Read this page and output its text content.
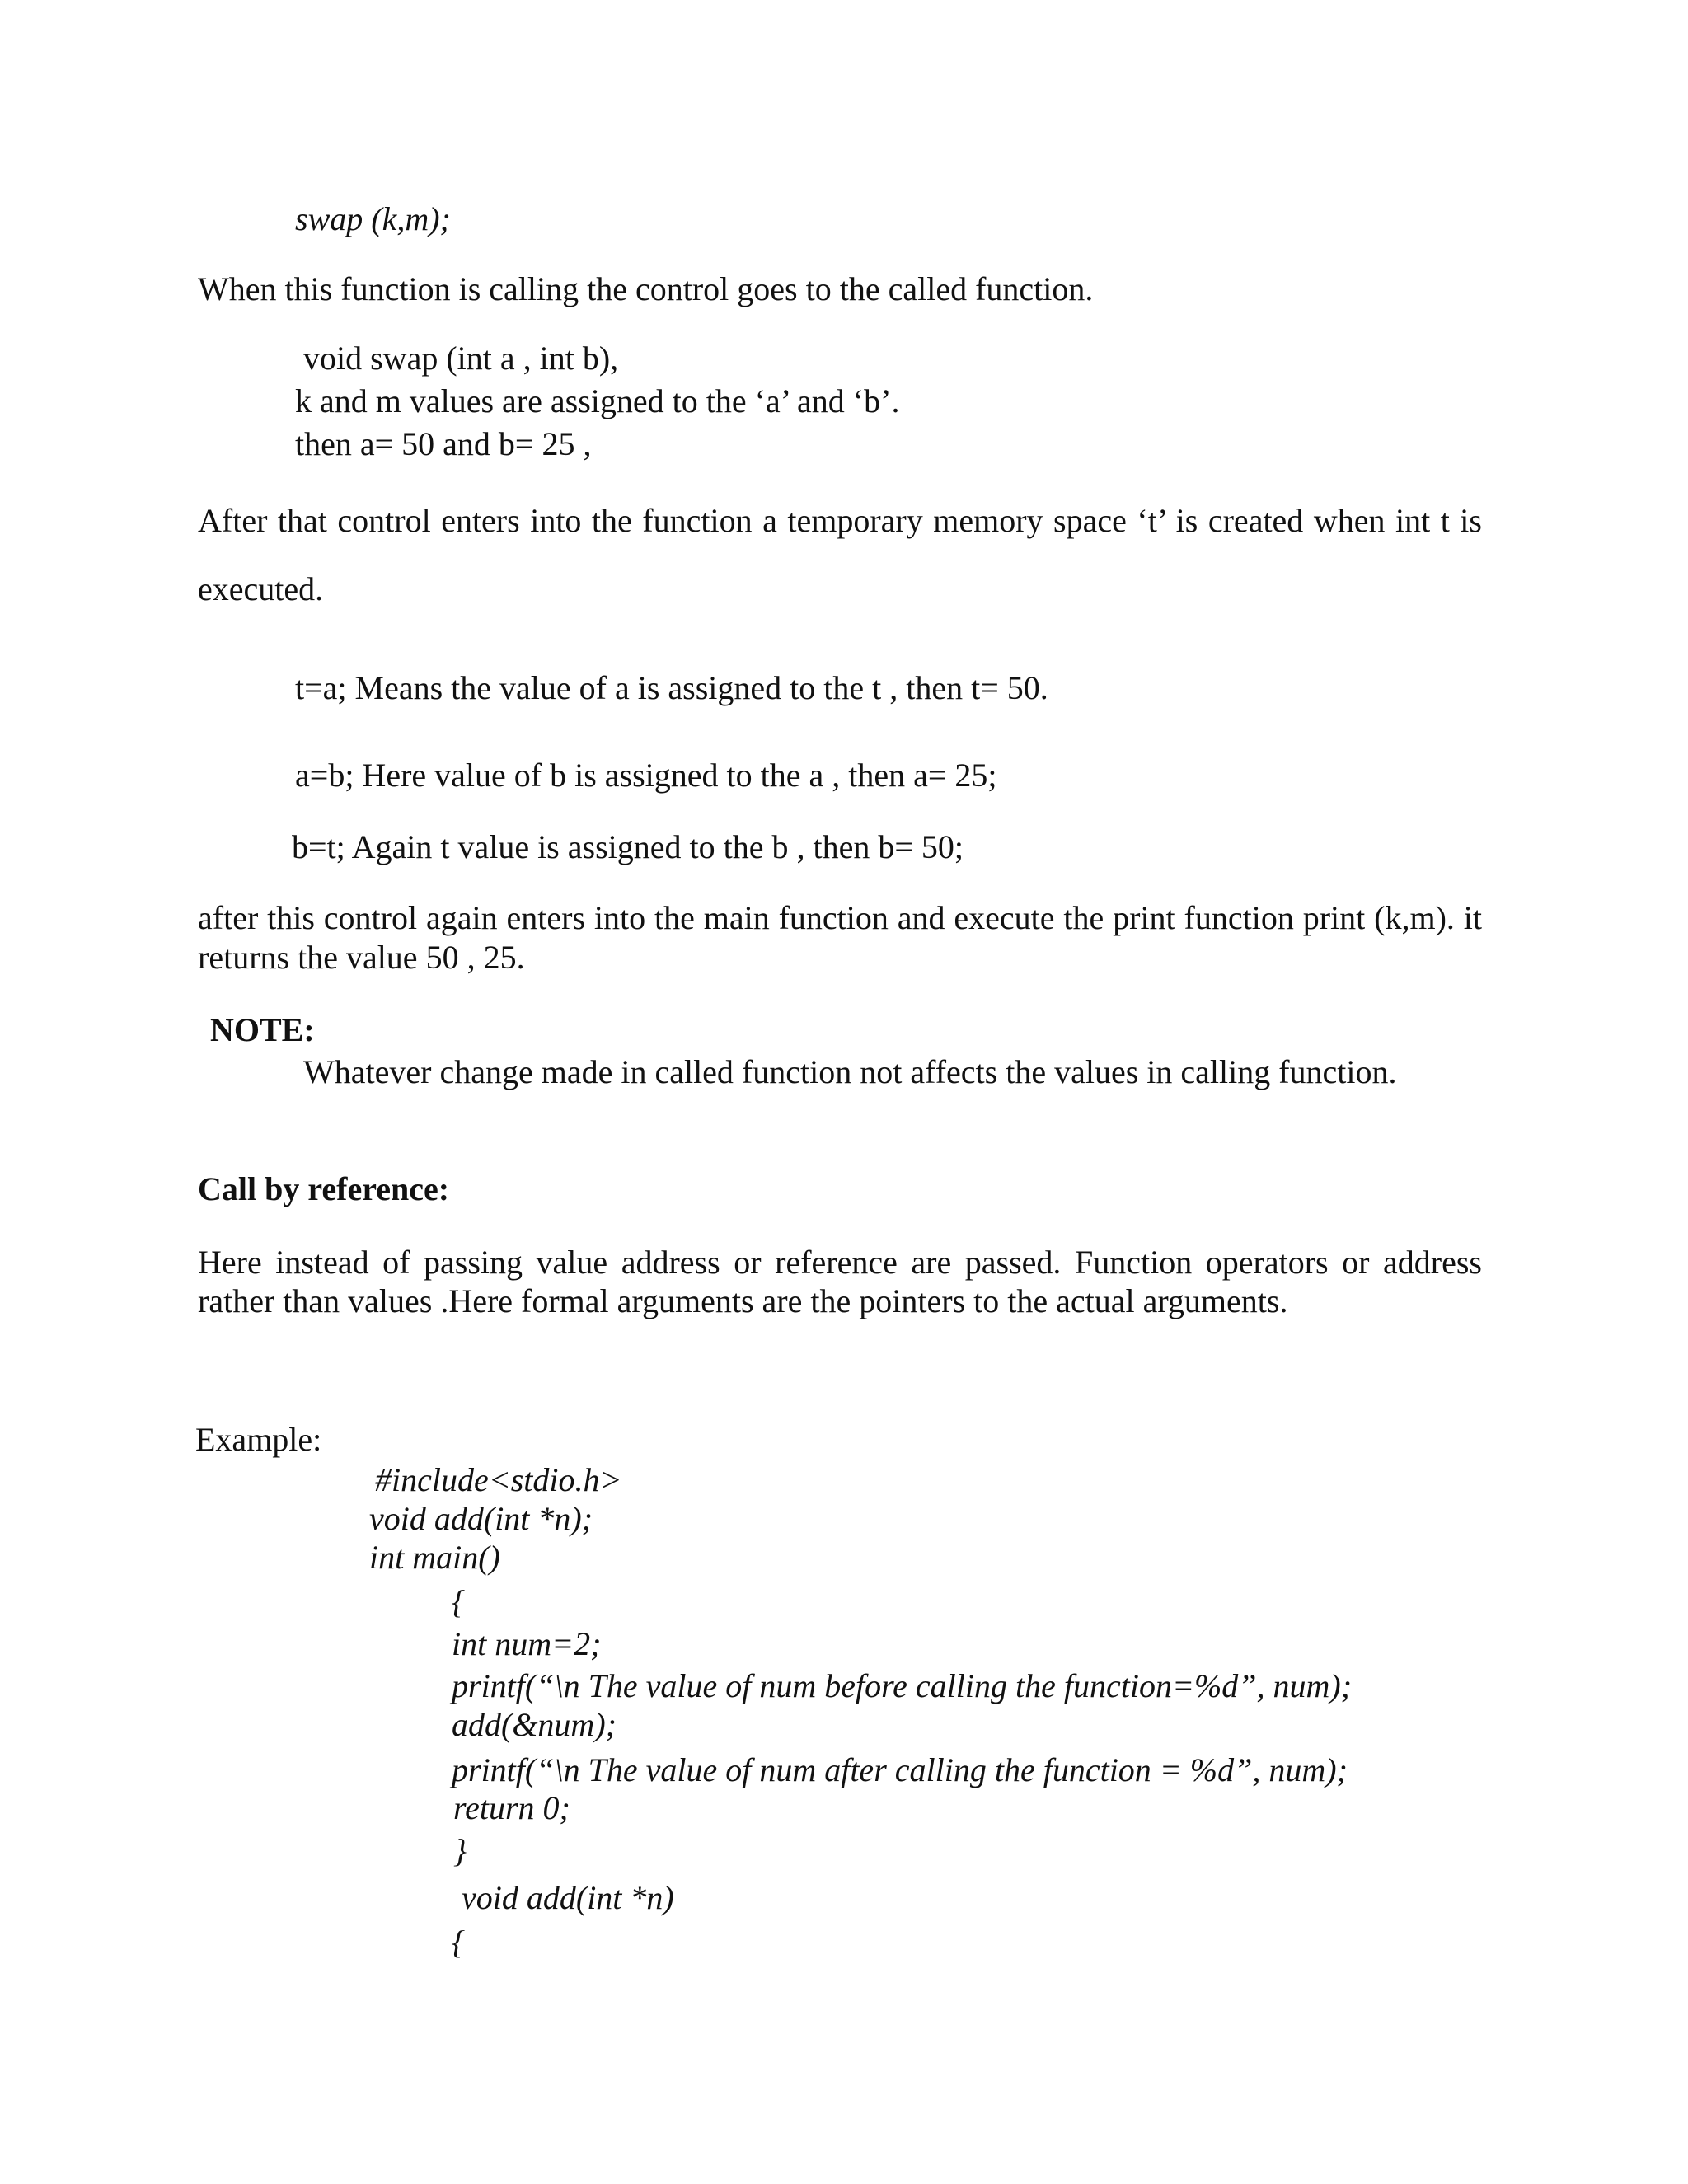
swap (k,m);
When this function is calling the control goes to the called function.
void swap (int a , int b),
k and m values are assigned to the ‘a’ and ‘b’.
then a= 50 and b= 25 ,
After that control enters into the function a temporary memory space ‘t’ is created when int t is
executed.
t=a; Means the value of a is assigned to the t , then t= 50.
a=b; Here value of b is assigned to the a , then a= 25;
b=t; Again t value is assigned to the b , then b= 50;
after this control again enters into the main function and execute the print function print (k,m). it
returns the value 50 , 25.
NOTE:
Whatever change made in called function not affects the values in calling function.
Call by reference:
Here instead of passing value address or reference are passed. Function operators or address
rather than values .Here formal arguments are the pointers to the actual arguments.
Example:
#include<stdio.h>
void add(int *n);
int main()
{
int num=2;
printf(“\n The value of num before calling the function=%d”, num);
add(&num);
printf(“\n The value of num after calling the function = %d”, num);
return 0;
}
void add(int *n)
{
